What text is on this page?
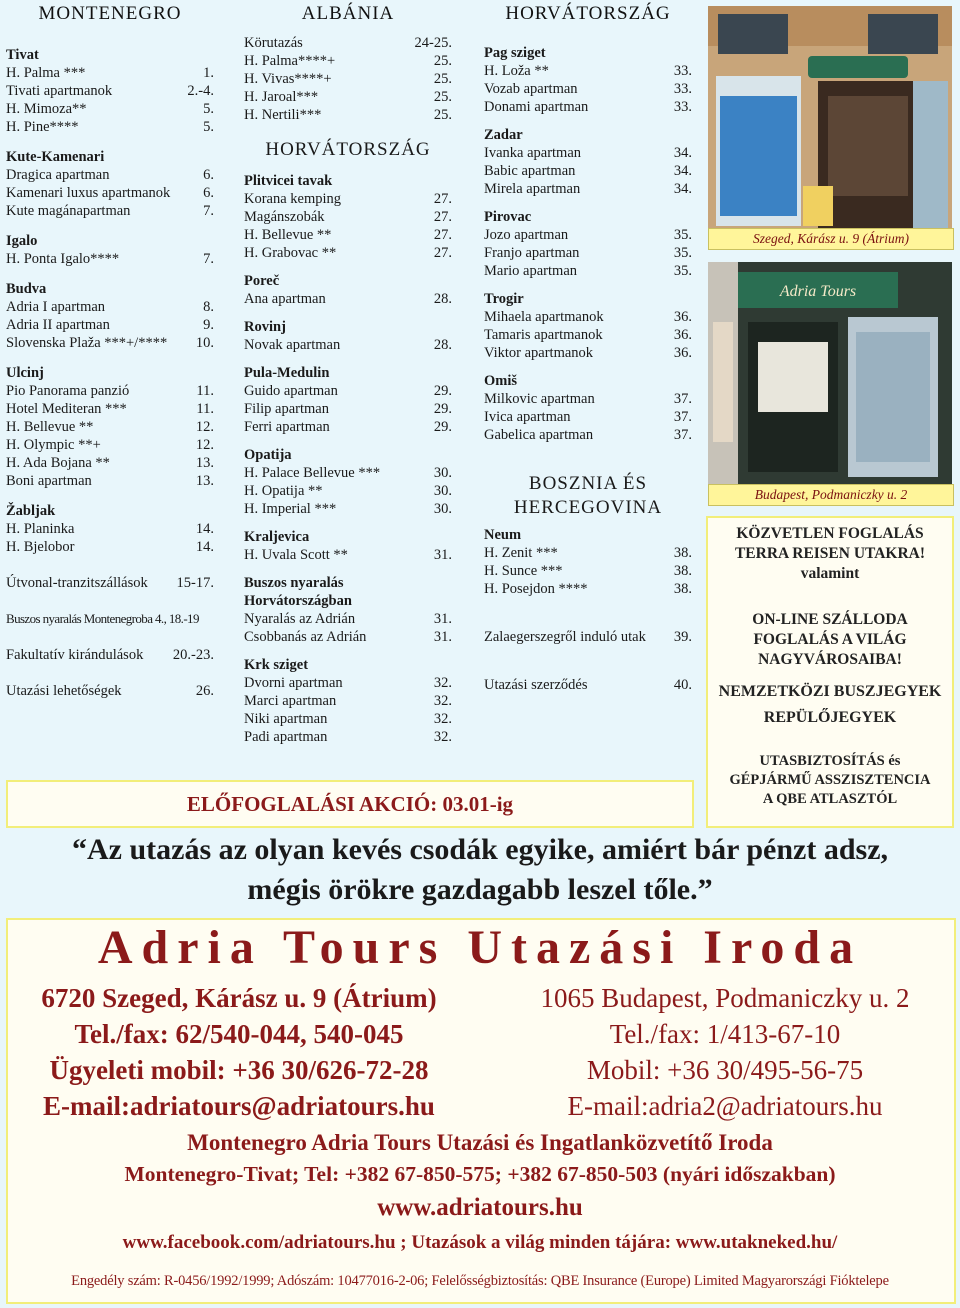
MONTENEGRO
Tivat
H. Palma ***	1.
Tivati apartmanok	2.-4.
H. Mimoza**	5.
H. Pine****	5.
Kute-Kamenari
Dragica apartman	6.
Kamenari luxus apartmanok 6.
Kute magánapartman	7.
Igalo
H. Ponta Igalo****	7.
Budva
Adria I apartman	8.
Adria II apartman	9.
Slovenska Plaža ***+/**** 10.
Ulcinj
Pio Panorama panzió	11.
Hotel Mediteran ***	11.
H. Bellevue **	12.
H. Olympic **+	12.
H. Ada Bojana **	13.
Boni apartman	13.
Žabljak
H. Planinka	14.
H. Bjelobor	14.
Útvonal-tranzitszállások 15-17.
Buszos nyaralás Montenegroba 4., 18.-19
Fakultatív kirándulások 20.-23.
Utazási lehetőségek	26.
ALBÁNIA
Körutazás	24-25.
H. Palma****+	25.
H. Vivas****+	25.
H. Jaroal***	25.
H. Nertili***	25.
HORVÁTORSZÁG
Plitvicei tavak
Korana kemping	27.
Magánszobák	27.
H. Bellevue **	27.
H. Grabovac **	27.
Poreč
Ana apartman	28.
Rovinj
Novak apartman	28.
Pula-Medulin
Guido apartman	29.
Filip apartman	29.
Ferri apartman	29.
Opatija
H. Palace Bellevue ***	30.
H. Opatija **	30.
H. Imperial ***	30.
Kraljevica
H. Uvala Scott **	31.
Buszos nyaralás Horvátországban
Nyaralás az Adrián	31.
Csobbanás az Adrián	31.
Krk sziget
Dvorni apartman	32.
Marci apartman	32.
Niki apartman	32.
Padi apartman	32.
HORVÁTORSZÁG
Pag sziget
H. Loža **	33.
Vozab apartman	33.
Donami apartman	33.
Zadar
Ivanka apartman	34.
Babic apartman	34.
Mirela apartman	34.
Pirovac
Jozo apartman	35.
Franjo apartman	35.
Mario apartman	35.
Trogir
Mihaela apartmanok	36.
Tamaris apartmanok	36.
Viktor apartmanok	36.
Omiš
Milkovic apartman	37.
Ivica apartman	37.
Gabelica apartman	37.
BOSZNIA ÉS
HERCEGOVINA
Neum
H. Zenit ***	38.
H. Sunce ***	38.
H. Posejdon ****	38.
Zalaegerszegről induló utak 39.
Utazási szerződés	40.
Szeged, Kárász u. 9 (Átrium)
Adria Tours
Budapest, Podmaniczky u. 2
KÖZVETLEN FOGLALÁS
TERRA REISEN UTAKRA!
valamint
ON-LINE SZÁLLODA
FOGLALÁS A VILÁG
NAGYVÁROSAIBA!
NEMZETKÖZI BUSZJEGYEK
REPÜLŐJEGYEK
UTASBIZTOSÍTÁS és
GÉPJÁRMŰ ASSZISZTENCIA
A QBE ATLASZTÓL
ELŐFOGLALÁSI AKCIÓ: 03.01-ig
“Az utazás az olyan kevés csodák egyike, amiért bár pénzt adsz,
mégis örökre gazdagabb leszel tőle.”
Adria Tours Utazási Iroda
6720 Szeged, Kárász u. 9 (Átrium)
Tel./fax: 62/540-044, 540-045
Ügyeleti mobil: +36 30/626-72-28
E-mail:adriatours@adriatours.hu
1065 Budapest, Podmaniczky u. 2
Tel./fax: 1/413-67-10
Mobil: +36 30/495-56-75
E-mail:adria2@adriatours.hu
Montenegro Adria Tours Utazási és Ingatlanközvetítő Iroda
Montenegro-Tivat; Tel: +382 67-850-575; +382 67-850-503 (nyári időszakban)
www.adriatours.hu
www.facebook.com/adriatours.hu ; Utazások a világ minden tájára: www.utakneked.hu/
Engedély szám: R-0456/1992/1999; Adószám: 10477016-2-06; Felelősségbiztosítás: QBE Insurance (Europe) Limited Magyarországi Fióktelepe
